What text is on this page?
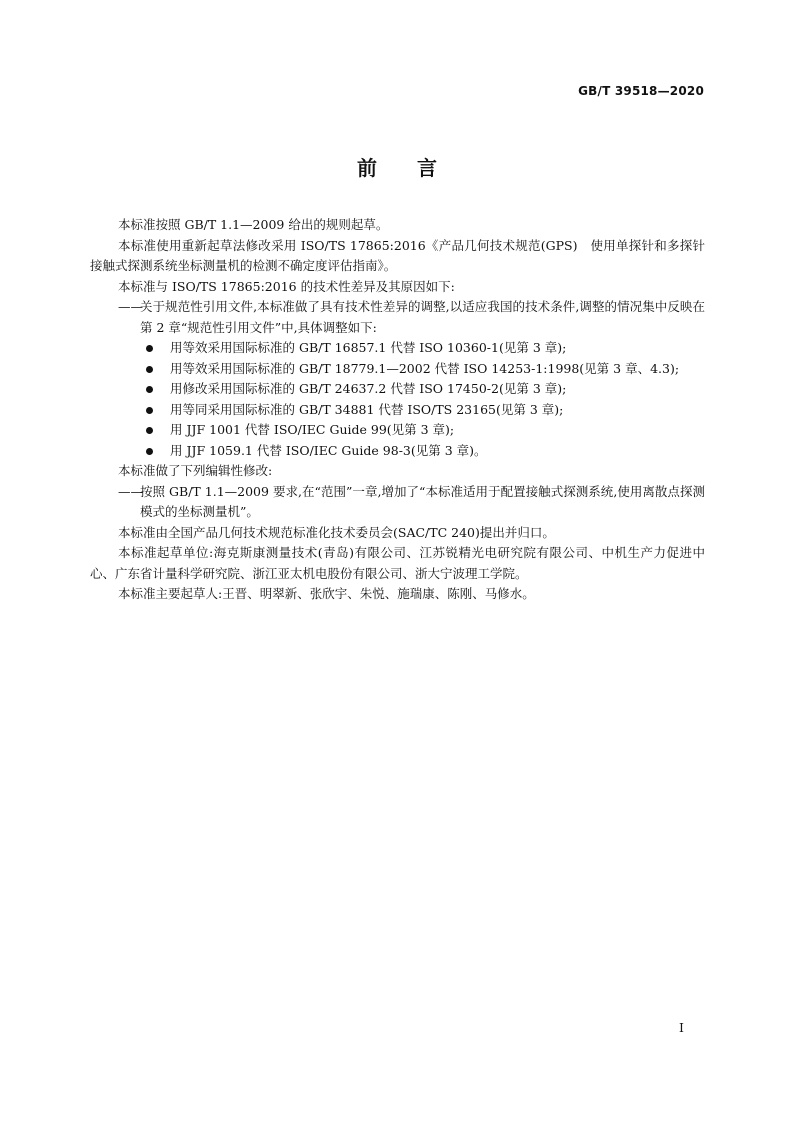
GB/T 39518—2020
前言

本标准按照 GB/T 1.1—2009 给出的规则起草。

本标准使用重新起草法修改采用 ISO/TS 17865:2016《产品几何技术规范(GPS)　使用单探针和多探针接触式探测系统坐标测量机的检测不确定度评估指南》。

本标准与 ISO/TS 17865:2016 的技术性差异及其原因如下:

——
关于规范性引用文件,本标准做了具有技术性差异的调整,以适应我国的技术条件,调整的情况集中反映在第 2 章“规范性引用文件”中,具体调整如下:

用等效采用国际标准的 GB/T 16857.1 代替 ISO 10360-1(见第 3 章);

用等效采用国际标准的 GB/T 18779.1—2002 代替 ISO 14253-1:1998(见第 3 章、4.3);

用修改采用国际标准的 GB/T 24637.2 代替 ISO 17450-2(见第 3 章);

用等同采用国际标准的 GB/T 34881 代替 ISO/TS 23165(见第 3 章);

用 JJF 1001 代替 ISO/IEC Guide 99(见第 3 章);

用 JJF 1059.1 代替 ISO/IEC Guide 98-3(见第 3 章)。

本标准做了下列编辑性修改:

——
按照 GB/T 1.1—2009 要求,在“范围”一章,增加了“本标准适用于配置接触式探测系统,使用离散点探测模式的坐标测量机”。

本标准由全国产品几何技术规范标准化技术委员会(SAC/TC 240)提出并归口。

本标准起草单位:海克斯康测量技术(青岛)有限公司、江苏锐精光电研究院有限公司、中机生产力促进中心、广东省计量科学研究院、浙江亚太机电股份有限公司、浙大宁波理工学院。

本标准主要起草人:王晋、明翠新、张欣宇、朱悦、施瑞康、陈刚、马修水。

I
